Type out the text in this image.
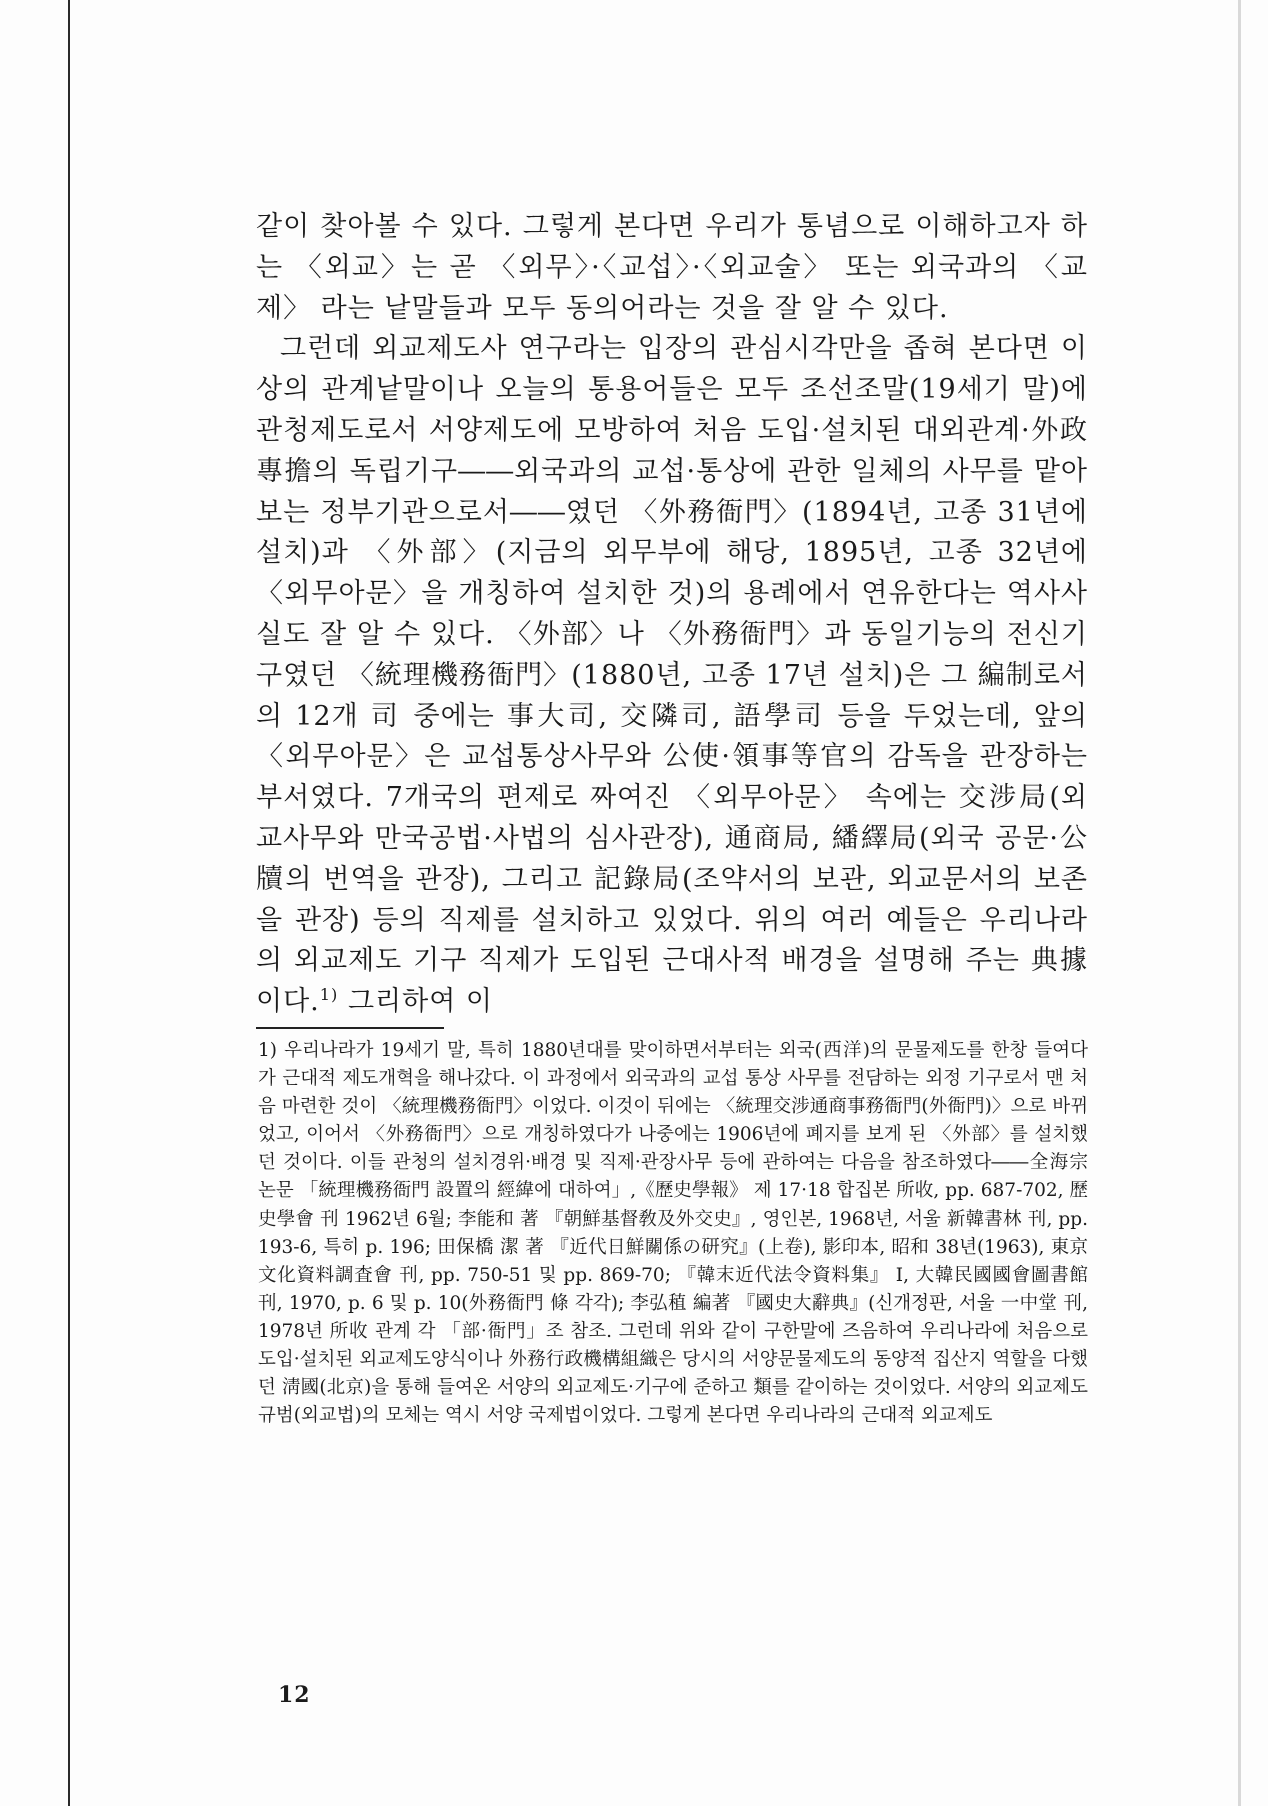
같이 찾아볼 수 있다. 그렇게 본다면 우리가 통념으로 이해하고자 하는 〈외교〉는 곧 〈외무〉·〈교섭〉·〈외교술〉 또는 외국과의 〈교제〉 라는 낱말들과 모두 동의어라는 것을 잘 알 수 있다.

그런데 외교제도사 연구라는 입장의 관심시각만을 좁혀 본다면 이상의 관계낱말이나 오늘의 통용어들은 모두 조선조말(19세기 말)에 관청제도로서 서양제도에 모방하여 처음 도입·설치된 대외관계·外政專擔의 독립기구――외국과의 교섭·통상에 관한 일체의 사무를 맡아보는 정부기관으로서――였던 〈外務衙門〉(1894년, 고종 31년에 설치)과 〈外部〉(지금의 외무부에 해당, 1895년, 고종 32년에 〈외무아문〉을 개칭하여 설치한 것)의 용례에서 연유한다는 역사사실도 잘 알 수 있다. 〈外部〉나 〈外務衙門〉과 동일기능의 전신기구였던 〈統理機務衙門〉(1880년, 고종 17년 설치)은 그 編制로서의 12개 司 중에는 事大司, 交隣司, 語學司 등을 두었는데, 앞의 〈외무아문〉은 교섭통상사무와 公使·領事等官의 감독을 관장하는 부서였다. 7개국의 편제로 짜여진 〈외무아문〉 속에는 交涉局(외교사무와 만국공법·사법의 심사관장), 通商局, 繙繹局(외국 공문·公牘의 번역을 관장), 그리고 記錄局(조약서의 보관, 외교문서의 보존을 관장) 등의 직제를 설치하고 있었다. 위의 여러 예들은 우리나라의 외교제도 기구 직제가 도입된 근대사적 배경을 설명해 주는 典據이다.$^{1)}$ 그리하여 이

1) 우리나라가 19세기 말, 특히 1880년대를 맞이하면서부터는 외국(西洋)의 문물제도를 한창 들여다가 근대적 제도개혁을 해나갔다. 이 과정에서 외국과의 교섭 통상 사무를 전담하는 외정 기구로서 맨 처음 마련한 것이 〈統理機務衙門〉이었다. 이것이 뒤에는 〈統理交涉通商事務衙門(外衙門)〉으로 바뀌었고, 이어서 〈外務衙門〉으로 개칭하였다가 나중에는 1906년에 폐지를 보게 된 〈外部〉를 설치했던 것이다. 이들 관청의 설치경위·배경 및 직제·관장사무 등에 관하여는 다음을 참조하였다――全海宗 논문 「統理機務衙門 設置의 經緯에 대하여」,《歷史學報》 제 17·18 합집본 所收, pp. 687-702, 歷史學會 刊 1962년 6월; 李能和 著 『朝鮮基督敎及外交史』, 영인본, 1968년, 서울 新韓書林 刊, pp. 193-6, 특히 p. 196; 田保橋 潔 著 『近代日鮮關係の研究』(上卷), 影印本, 昭和 38년(1963), 東京 文化資料調査會 刊, pp. 750-51 및 pp. 869-70; 『韓末近代法令資料集』 I, 大韓民國國會圖書館 刊, 1970, p. 6 및 p. 10(外務衙門 條 각각); 李弘稙 編著 『國史大辭典』(신개정판, 서울 一中堂 刊, 1978년 所收 관계 각 「部·衙門」조 참조. 그런데 위와 같이 구한말에 즈음하여 우리나라에 처음으로 도입·설치된 외교제도양식이나 外務行政機構組織은 당시의 서양문물제도의 동양적 집산지 역할을 다했던 淸國(北京)을 통해 들여온 서양의 외교제도·기구에 준하고 類를 같이하는 것이었다. 서양의 외교제도규범(외교법)의 모체는 역시 서양 국제법이었다. 그렇게 본다면 우리나라의 근대적 외교제도
12
